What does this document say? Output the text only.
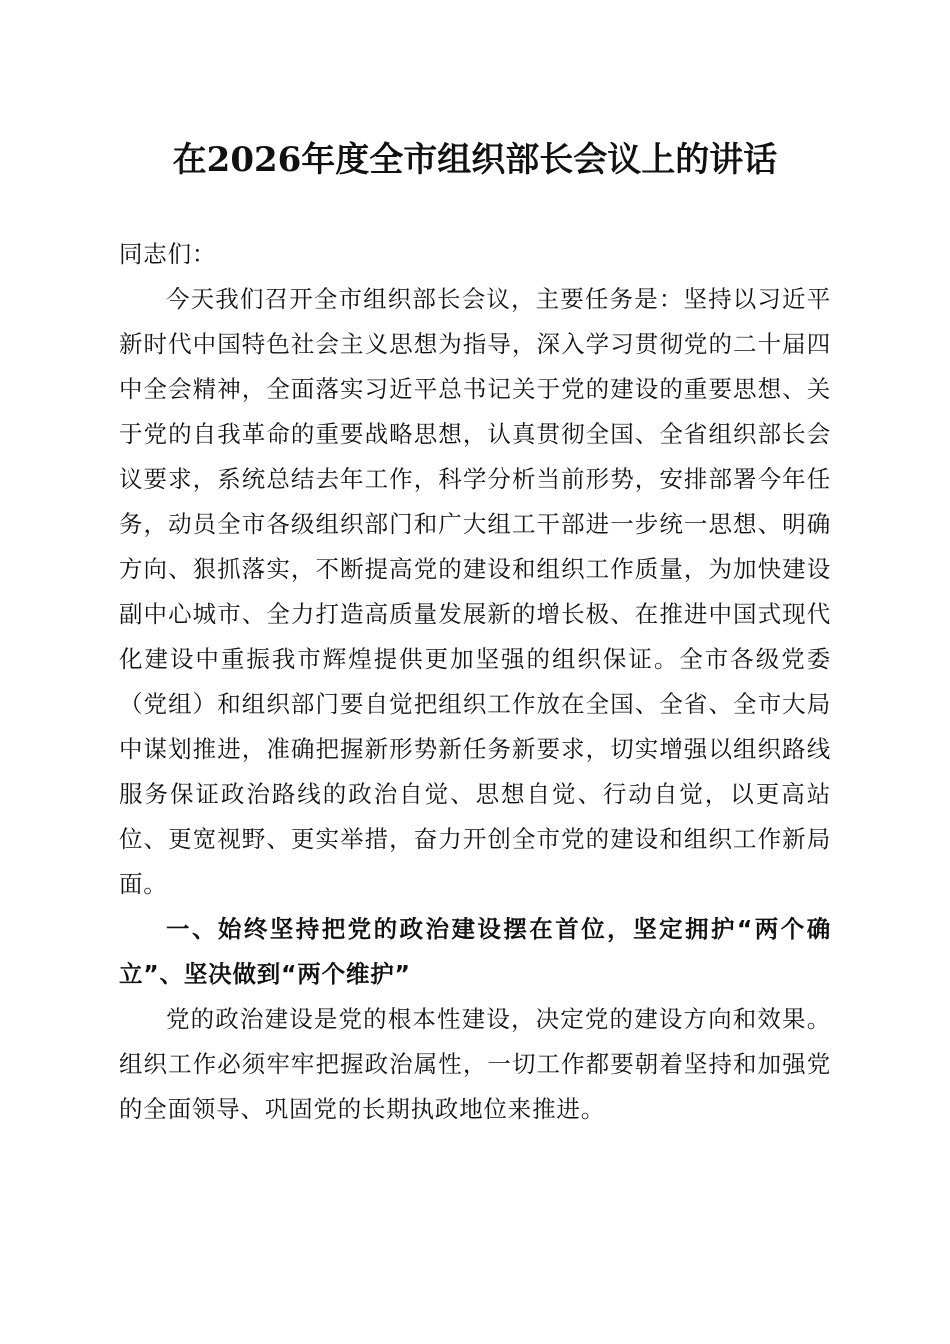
在2026年度全市组织部长会议上的讲话

同志们：

今天我们召开全市组织部长会议，主要任务是：坚持以习近平新时代中国特色社会主义思想为指导，深入学习贯彻党的二十届四中全会精神，全面落实习近平总书记关于党的建设的重要思想、关于党的自我革命的重要战略思想，认真贯彻全国、全省组织部长会议要求，系统总结去年工作，科学分析当前形势，安排部署今年任务，动员全市各级组织部门和广大组工干部进一步统一思想、明确方向、狠抓落实，不断提高党的建设和组织工作质量，为加快建设副中心城市、全力打造高质量发展新的增长极、在推进中国式现代化建设中重振我市辉煌提供更加坚强的组织保证。全市各级党委（党组）和组织部门要自觉把组织工作放在全国、全省、全市大局中谋划推进，准确把握新形势新任务新要求，切实增强以组织路线服务保证政治路线的政治自觉、思想自觉、行动自觉，以更高站位、更宽视野、更实举措，奋力开创全市党的建设和组织工作新局面。

一、始终坚持把党的政治建设摆在首位，坚定拥护“两个确立”、坚决做到“两个维护”

党的政治建设是党的根本性建设，决定党的建设方向和效果。组织工作必须牢牢把握政治属性，一切工作都要朝着坚持和加强党的全面领导、巩固党的长期执政地位来推进。
